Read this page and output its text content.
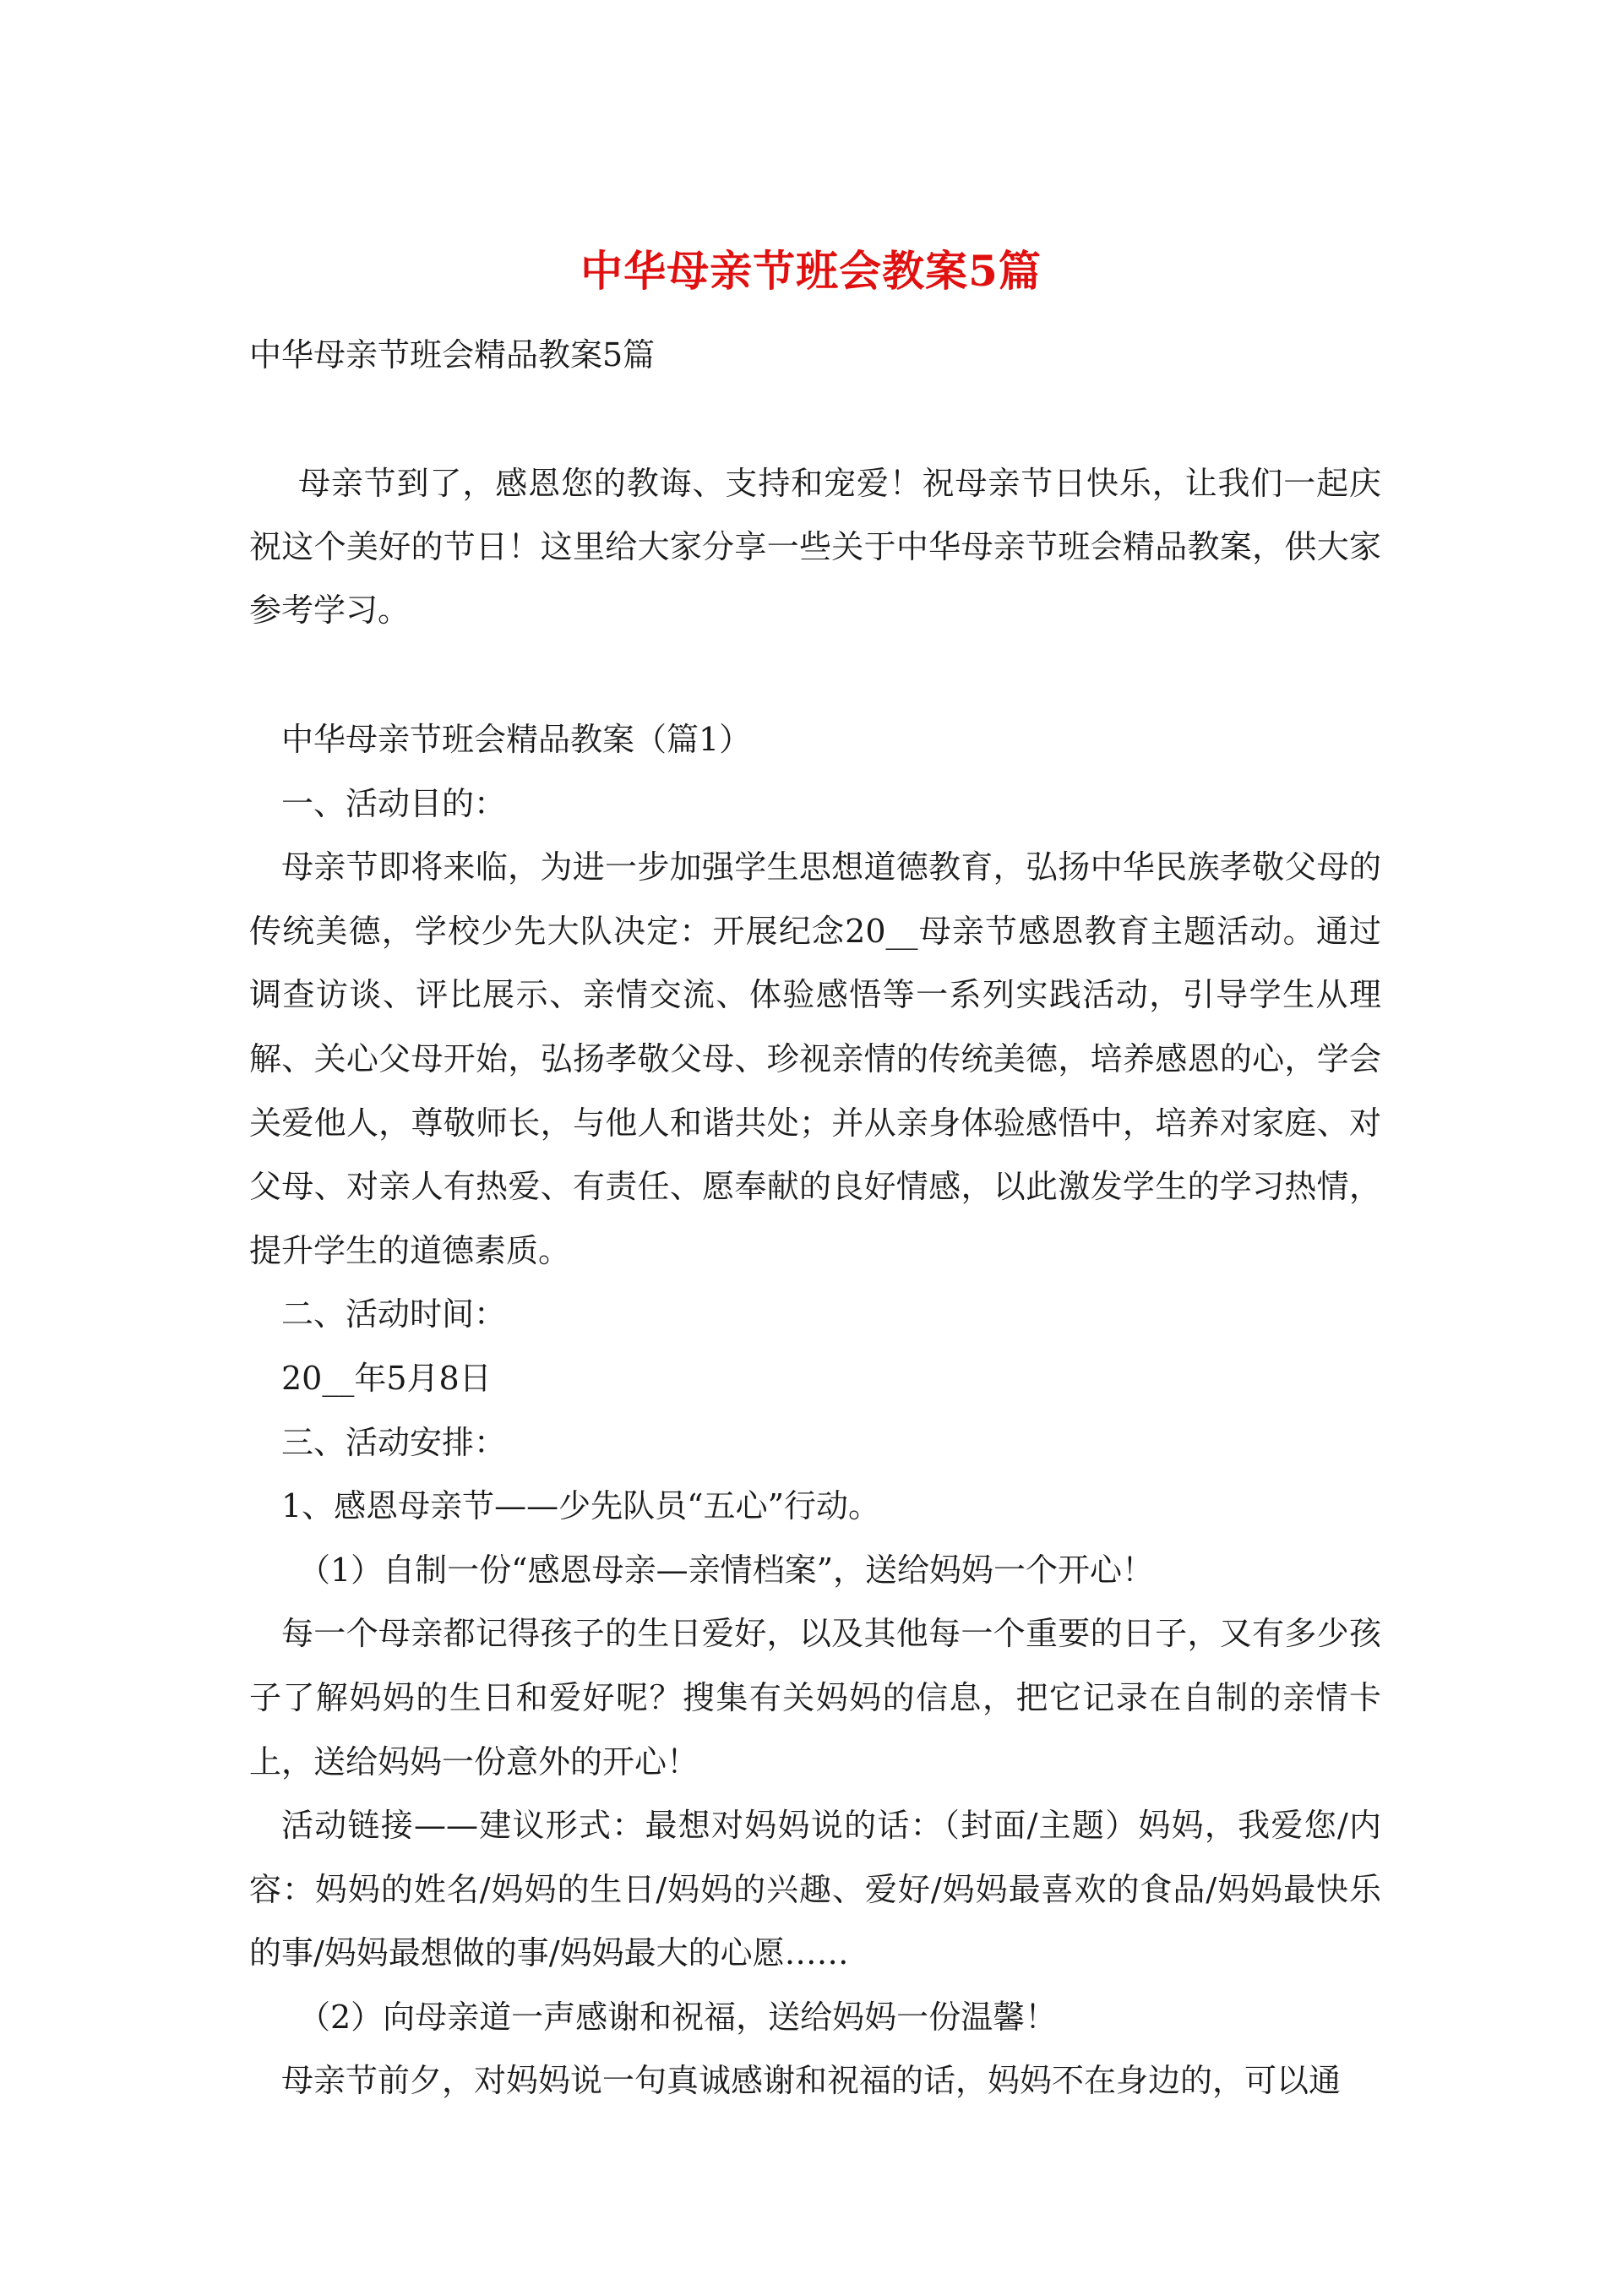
中华母亲节班会教案5篇
中华母亲节班会精品教案5篇

母亲节到了，感恩您的教诲、支持和宠爱！祝母亲节日快乐，让我们一起庆祝这个美好的节日！这里给大家分享一些关于中华母亲节班会精品教案，供大家参考学习。

中华母亲节班会精品教案（篇1）

一、活动目的：

母亲节即将来临，为进一步加强学生思想道德教育，弘扬中华民族孝敬父母的传统美德，学校少先大队决定：开展纪念20__母亲节感恩教育主题活动。通过调查访谈、评比展示、亲情交流、体验感悟等一系列实践活动，引导学生从理解、关心父母开始，弘扬孝敬父母、珍视亲情的传统美德，培养感恩的心，学会关爱他人，尊敬师长，与他人和谐共处；并从亲身体验感悟中，培养对家庭、对父母、对亲人有热爱、有责任、愿奉献的良好情感，以此激发学生的学习热情，提升学生的道德素质。

二、活动时间：

20__年5月8日

三、活动安排：

1、感恩母亲节——少先队员“五心”行动。

（1）自制一份“感恩母亲—亲情档案”，送给妈妈一个开心！

每一个母亲都记得孩子的生日爱好，以及其他每一个重要的日子，又有多少孩子了解妈妈的生日和爱好呢？搜集有关妈妈的信息，把它记录在自制的亲情卡上，送给妈妈一份意外的开心！

活动链接——建议形式：最想对妈妈说的话：（封面/主题）妈妈，我爱您/内容：妈妈的姓名/妈妈的生日/妈妈的兴趣、爱好/妈妈最喜欢的食品/妈妈最快乐的事/妈妈最想做的事/妈妈最大的心愿……

（2）向母亲道一声感谢和祝福，送给妈妈一份温馨！

母亲节前夕，对妈妈说一句真诚感谢和祝福的话，妈妈不在身边的，可以通
